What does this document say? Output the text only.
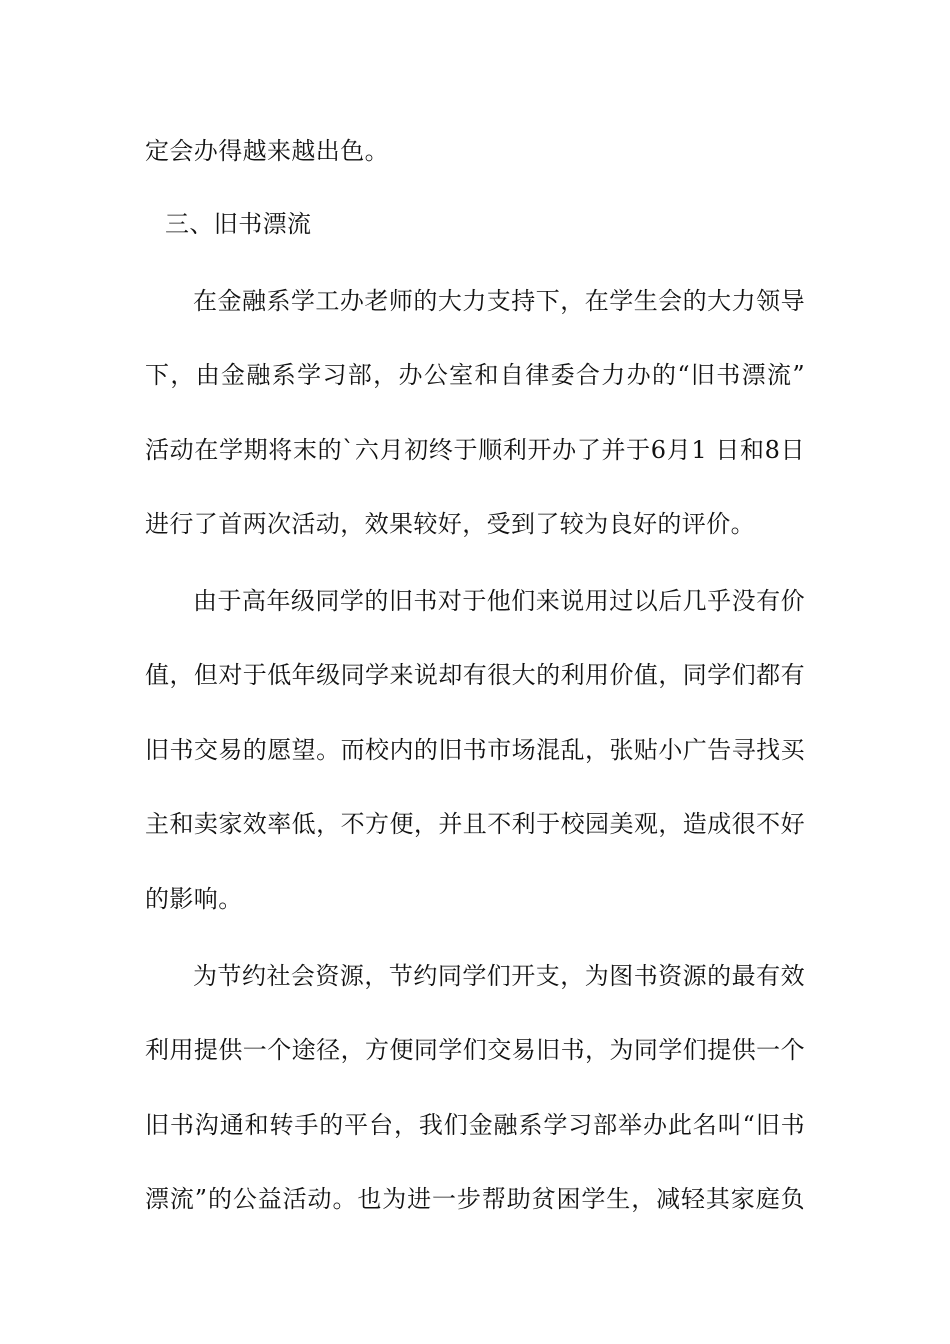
定会办得越来越出色。
三、旧书漂流
在金融系学工办老师的大力支持下，在学生会的大力领导
下，由金融系学习部，办公室和自律委合力办的“旧书漂流”
活动在学期将末的`六月初终于顺利开办了并于6月1 日和8日
进行了首两次活动，效果较好，受到了较为良好的评价。
由于高年级同学的旧书对于他们来说用过以后几乎没有价
值，但对于低年级同学来说却有很大的利用价值，同学们都有
旧书交易的愿望。而校内的旧书市场混乱，张贴小广告寻找买
主和卖家效率低，不方便，并且不利于校园美观，造成很不好
的影响。
为节约社会资源，节约同学们开支，为图书资源的最有效
利用提供一个途径，方便同学们交易旧书，为同学们提供一个
旧书沟通和转手的平台，我们金融系学习部举办此名叫“旧书
漂流”的公益活动。也为进一步帮助贫困学生，减轻其家庭负
